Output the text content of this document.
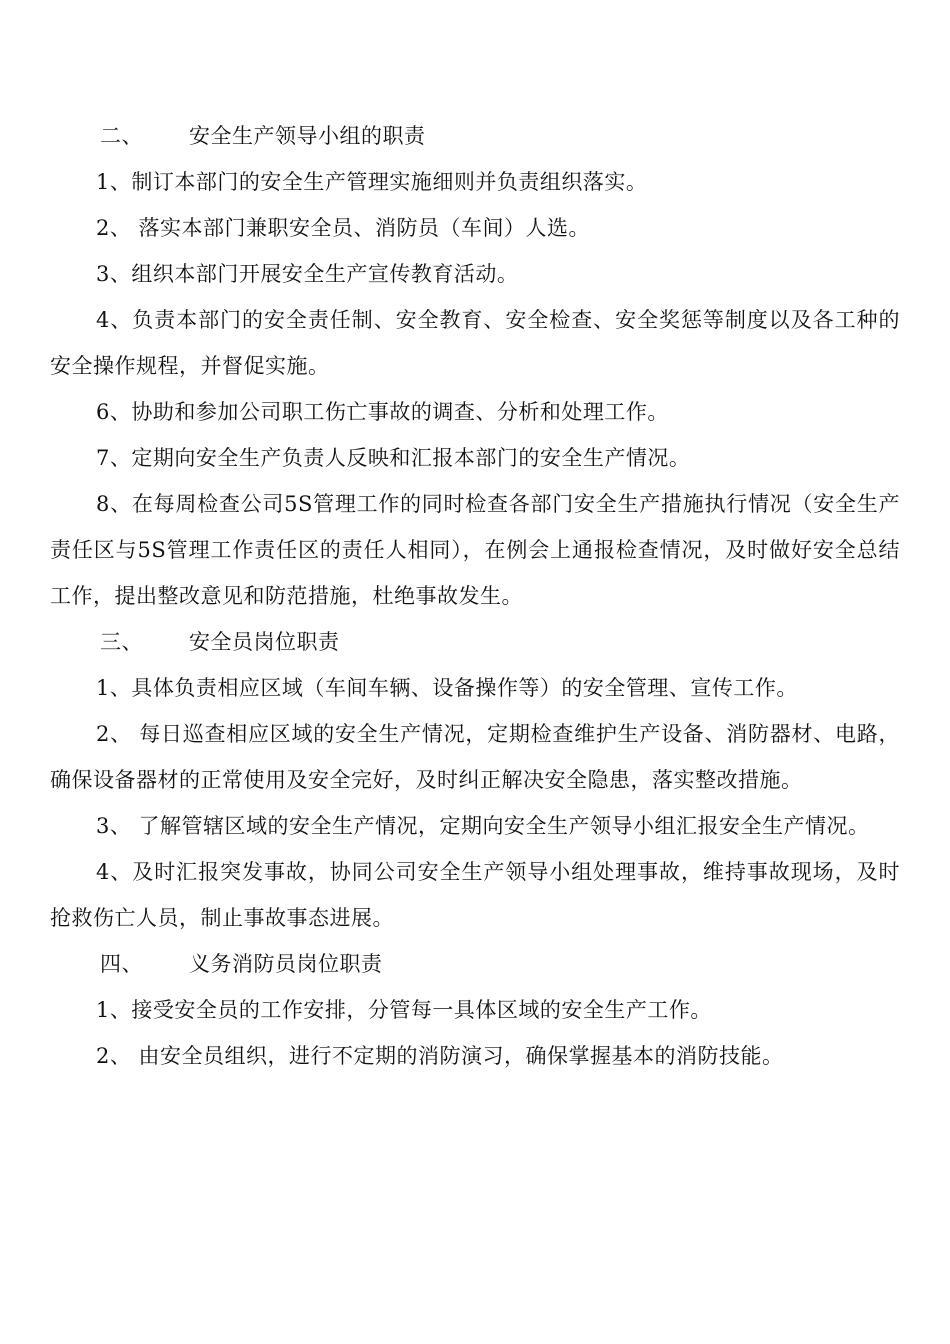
二、 安全生产领导小组的职责

1、制订本部门的安全生产管理实施细则并负责组织落实。

2、 落实本部门兼职安全员、消防员（车间）人选。

3、组织本部门开展安全生产宣传教育活动。

4、负责本部门的安全责任制、安全教育、安全检查、安全奖惩等制度以及各工种的安全操作规程，并督促实施。

6、协助和参加公司职工伤亡事故的调查、分析和处理工作。

7、定期向安全生产负责人反映和汇报本部门的安全生产情况。

8、在每周检查公司5S管理工作的同时检查各部门安全生产措施执行情况（安全生产责任区与5S管理工作责任区的责任人相同），在例会上通报检查情况，及时做好安全总结工作，提出整改意见和防范措施，杜绝事故发生。

三、 安全员岗位职责

1、具体负责相应区域（车间车辆、设备操作等）的安全管理、宣传工作。

2、 每日巡查相应区域的安全生产情况，定期检查维护生产设备、消防器材、电路，确保设备器材的正常使用及安全完好，及时纠正解决安全隐患，落实整改措施。

3、 了解管辖区域的安全生产情况，定期向安全生产领导小组汇报安全生产情况。

4、及时汇报突发事故，协同公司安全生产领导小组处理事故，维持事故现场，及时抢救伤亡人员，制止事故事态进展。

四、 义务消防员岗位职责

1、接受安全员的工作安排，分管每一具体区域的安全生产工作。

2、 由安全员组织，进行不定期的消防演习，确保掌握基本的消防技能。
